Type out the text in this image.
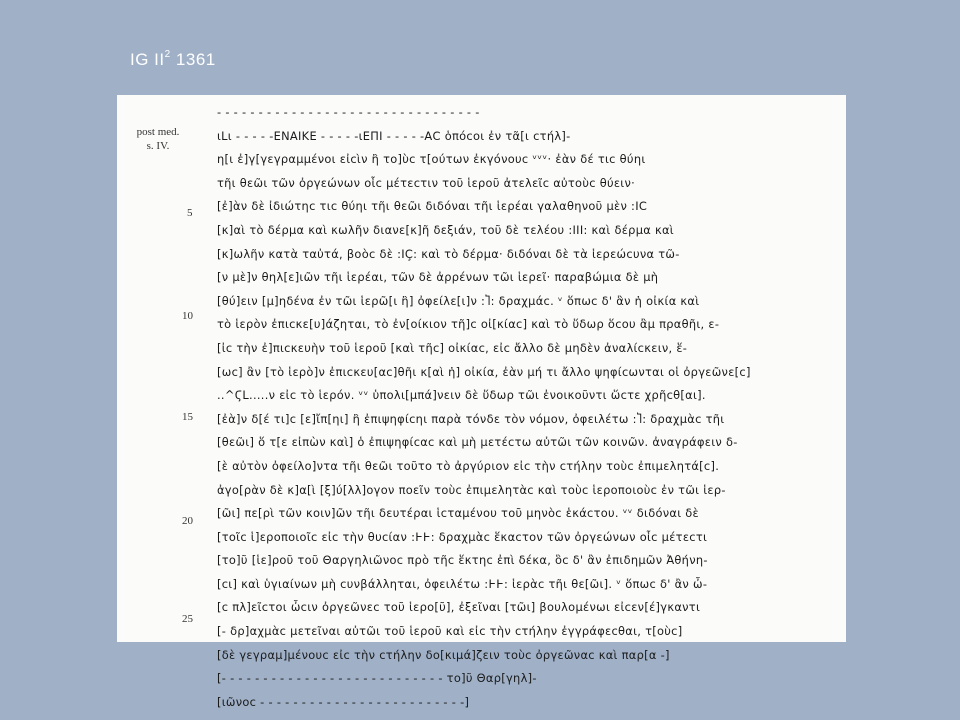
IG $II^2$ 1361
post med.
s. IV.
5
10
15
20
25
- - - - - - - - - - - - - - - - - - - - - - - - - - - - - - - -
ιLι - - - - -ΕΝΑΙΚΕ - - - - -ιΕΠΙ - - - - -ΑC ὁπόcοι ἐν τᾶ[ι cτήλ]-
η[ι ἐ]γ[γεγραμμένοι εἰcὶν ἢ το]ὺc τ[ούτων ἐκγόνουc ᵛᵛᵛ· ἐὰν δέ τιc θύηι
τῆι θεῶι τῶν ὀργεώνων οἷc μέτεcτιν τοῦ ἱεροῦ ἀτελεῖc αὐτοὺc θύειν·
[ἐ]ὰν δὲ ἰδιώτηc τιc θύηι τῆι θεῶι διδόναι τῆι ἱερέαι γαλαθηνοῦ μὲν :ΙC
[κ]αὶ τὸ δέρμα καὶ κωλῆν διανε[κ]ῆ δεξιάν, τοῦ δὲ τελέου :ΙΙΙ: καὶ δέρμα καὶ
[κ]ωλῆν κατὰ ταὐτά, βοὸc δὲ :ΙÇ: καὶ τὸ δέρμα· διδόναι δὲ τὰ ἱερεώcυνα τῶ-
[ν μὲ]ν θηλ[ε]ιῶν τῆι ἱερέαι, τῶν δὲ ἀρρένων τῶι ἱερεῖ· παραβώμια δὲ μὴ
[θύ]ειν [μ]ηδένα ἐν τῶι ἱερῶ[ι ἢ] ὀφείλε[ι]ν :Ⴈ: δραχμάc. ᵛ ὅπωc δ' ἂν ἡ οἰκία καὶ
τὸ ἱερὸν ἐπιcκε[υ]άζηται, τὸ ἐν[οίκιον τῆ]c οἰ[κίαc] καὶ τὸ ὕδωρ ὅcου ἂμ πραθῆι, ε-
[ἰc τὴν ἐ]πιcκευὴν τοῦ ἱεροῦ [καὶ τῆc] οἰκίαc, εἰc ἄλλο δὲ μηδὲν ἀναλίcκειν, ἕ-
[ωc] ἂν [τὸ ἱερὸ]ν ἐπιcκευ[αc]θῆι κ[αὶ ἡ] οἰκία, ἐὰν μή τι ἄλλο ψηφίcωνται οἱ ὀργεῶνε[c]
..^ϚL.....ν εἰc τὸ ἱερόν. ᵛᵛ ὑπολι[μπά]νειν δὲ ὕδωρ τῶι ἐνοικοῦντι ὥcτε χρῆcθ[αι].
[ἐὰ]ν δ[έ τι]c [ε]ἴπ[ηι] ἢ ἐπιψηφίcηι παρὰ τόνδε τὸν νόμον, ὀφειλέτω :Ⴈ: δραχμὰc τῆι
[θεῶι] ὅ τ[ε εἰπὼν καὶ] ὁ ἐπιψηφίcαc καὶ μὴ μετέcτω αὐτῶι τῶν κοινῶν. ἀναγράφειν δ-
[ὲ αὐτὸν ὀφείλο]ντα τῆι θεῶι τοῦτο τὸ ἀργύριον εἰc τὴν cτήλην τοὺc ἐπιμελητά[c].
ἀγο[ρὰν δὲ κ]α[ὶ [ξ]ύ[λλ]ογον ποεῖν τοὺc ἐπιμελητὰc καὶ τοὺc ἱεροποιοὺc ἐν τῶι ἱερ-
[ῶι] πε[ρὶ τῶν κοιν]ῶν τῆι δευτέραι ἱcταμένου τοῦ μηνὸc ἑκάcτου. ᵛᵛ διδόναι δὲ
[τοῖc ἱ]εροποιοῖc εἰc τὴν θυcίαν :ⱵⱵ: δραχμὰc ἕκαcτον τῶν ὀργεώνων οἷc μέτεcτι
[το]ῦ [ἱε]ροῦ τοῦ Θαργηλιῶνοc πρὸ τῆc ἕκτηc ἐπὶ δέκα, ὃc δ' ἂν ἐπιδημῶν Ἀθήνη-
[cι] καὶ ὑγιαίνων μὴ cυνβάλληται, ὀφειλέτω :ⱵⱵ: ἱερὰc τῆι θε[ῶι]. ᵛ ὅπωc δ' ἂν ὦ-
[c πλ]εῖcτοι ὦcιν ὀργεῶνεc τοῦ ἱερο[ῦ], ἐξεῖναι [τῶι] βουλομένωι εἰcεν[έ]γκαντι
[- δρ]αχμὰc μετεῖναι αὐτῶι τοῦ ἱεροῦ καὶ εἰc τὴν cτήλην ἐγγράφεcθαι, τ[οὺc]
[δὲ γεγραμ]μένουc εἰc τὴν cτήλην δο[κιμά]ζειν τοὺc ὀργεῶναc καὶ παρ[α -]
[- - - - - - - - - - - - - - - - - - - - - - - - - - - το]ῦ Θαρ[γηλ]-
[ιῶνοc - - - - - - - - - - - - - - - - - - - - - - - - -]
